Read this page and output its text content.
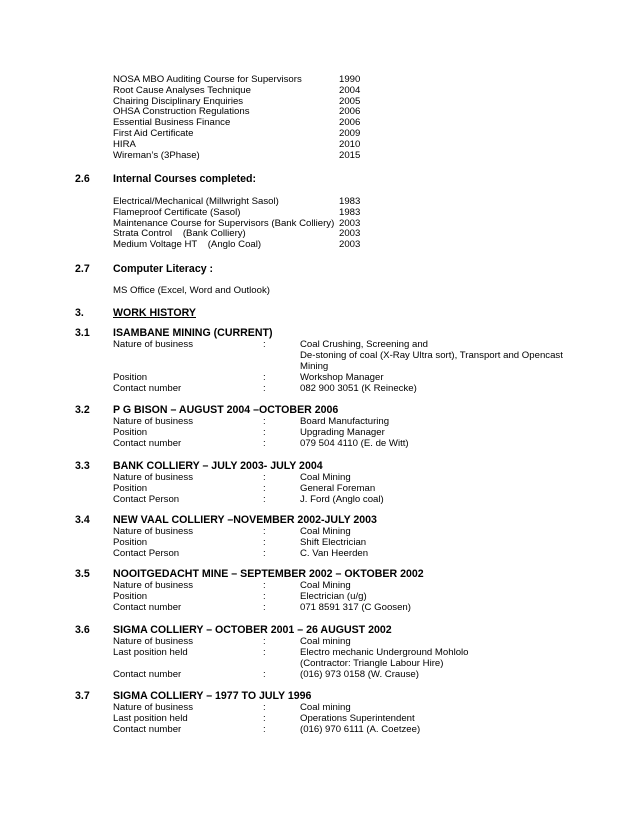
NOSA MBO Auditing Course for Supervisors	1990
Root Cause Analyses Technique	2004
Chairing Disciplinary Enquiries	2005
OHSA Construction Regulations	2006
Essential Business Finance	2006
First Aid Certificate	2009
HIRA	2010
Wireman’s (3Phase)	2015
2.6 Internal Courses completed:
Electrical/Mechanical (Millwright Sasol)	1983
Flameproof Certificate (Sasol)	1983
Maintenance Course for Supervisors (Bank Colliery) 2003
Strata Control    (Bank Colliery)	2003
Medium Voltage HT    (Anglo Coal)	2003
2.7 Computer Literacy :
MS Office (Excel, Word and Outlook)
3.	WORK HISTORY
3.1 ISAMBANE MINING (CURRENT)
Nature of business	:	Coal Crushing, Screening and
De-stoning of coal (X-Ray Ultra sort), Transport and Opencast
Mining
Position	:	Workshop Manager
Contact number	:	082 900 3051 (K Reinecke)
3.2 P G BISON – AUGUST 2004 –OCTOBER 2006
Nature of business	:	Board Manufacturing
Position	:	Upgrading Manager
Contact number	:	079 504 4110 (E. de Witt)
3.3 BANK COLLIERY – JULY 2003- JULY 2004
Nature of business	:	Coal Mining
Position	:	General Foreman
Contact Person	:	J. Ford (Anglo coal)
3.4 NEW VAAL COLLIERY –NOVEMBER 2002-JULY 2003
Nature of business	:	Coal Mining
Position	:	Shift Electrician
Contact Person	:	C. Van Heerden
3.5 NOOITGEDACHT MINE – SEPTEMBER 2002 – OKTOBER 2002
Nature of business	:	Coal Mining
Position	:	Electrician (u/g)
Contact number	:	071 8591 317 (C Goosen)
3.6 SIGMA COLLIERY – OCTOBER 2001 – 26 AUGUST 2002
Nature of business	:	Coal mining
Last position held	:	Electro mechanic Underground Mohlolo
(Contractor: Triangle Labour Hire)
Contact number	:	(016) 973 0158 (W. Crause)
3.7 SIGMA COLLIERY – 1977 TO JULY 1996
Nature of business	:	Coal mining
Last position held	:	Operations Superintendent
Contact number	:	(016) 970 6111 (A. Coetzee)
